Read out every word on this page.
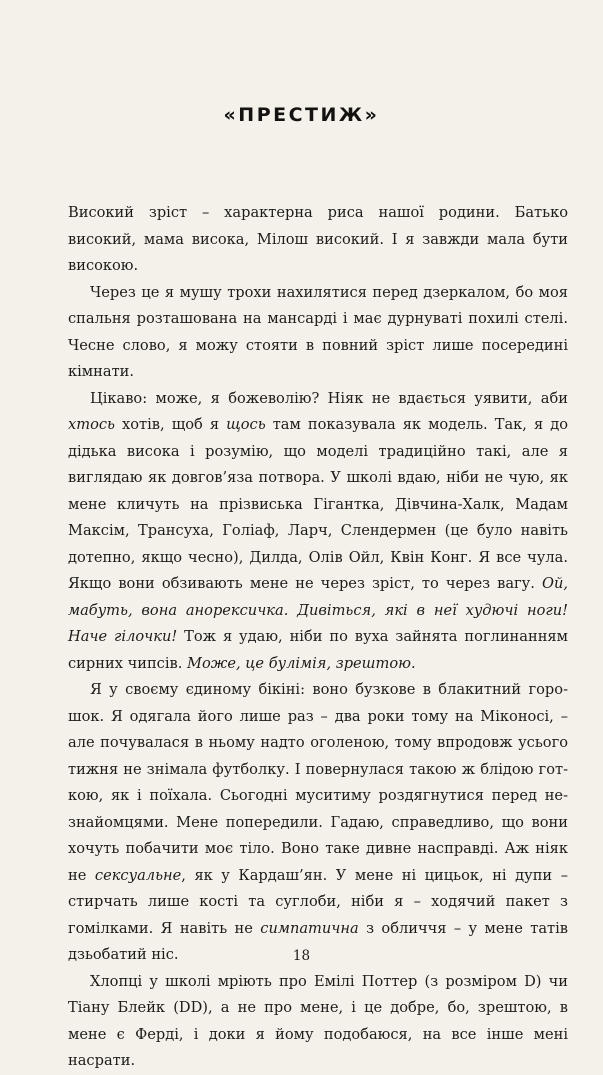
«ПРЕСТИЖ»

Високий зріст – характерна риса нашої родини. Батько високий, мама висока, Мілош високий. І я завжди мала бути високою.

Через це я мушу трохи нахилятися перед дзеркалом, бо моя спальня розташована на мансарді і має дурнуваті похилі стелі. Чесне слово, я можу стояти в повний зріст лише посередині кімнати.

Цікаво: може, я божеволію? Ніяк не вдається уявити, аби хтось хотів, щоб я щось там показувала як модель. Так, я до дідька висока і розумію, що моделі традиційно такі, але я виглядаю як довгов’яза потвора. У школі вдаю, ніби не чую, як мене кличуть на прізвиська Гігантка, Дівчина-Халк, Мадам Максім, Трансуха, Голіаф, Ларч, Слендермен (це було навіть дотепно, якщо чесно), Дилда, Олів Ойл, Квін Конг. Я все чула. Якщо вони обзивають мене не через зріст, то через вагу. Ой, мабуть, вона анорексичка. Дивіться, які в неї худючі ноги! Наче гілочки! Тож я удаю, ніби по вуха зайнята поглинанням сирних чипсів. Може, це булімія, зрештою.

Я у своєму єдиному бікіні: воно бузкове в блакитний горошок. Я одягала його лише раз – два роки тому на Міконосі, – але почувалася в ньому надто оголеною, тому впродовж усього тижня не знімала футболку. І повернулася такою ж блідою готкою, як і поїхала. Сьогодні муситиму роздягнутися перед незнайомцями. Мене попередили. Гадаю, справедливо, що вони хочуть побачити моє тіло. Воно таке дивне насправді. Аж ніяк не сексуальне, як у Кардаш’ян. У мене ні цицьок, ні дупи – стирчать лише кості та суглоби, ніби я – ходячий пакет з гомілками. Я навіть не симпатична з обличчя – у мене татів дзьобатий ніс.

Хлопці у школі мріють про Емілі Поттер (з розміром D) чи Тіану Блейк (DD), а не про мене, і це добре, бо, зрештою, в мене є Ферді, і доки я йому подобаюся, на все інше мені насрати.

18
